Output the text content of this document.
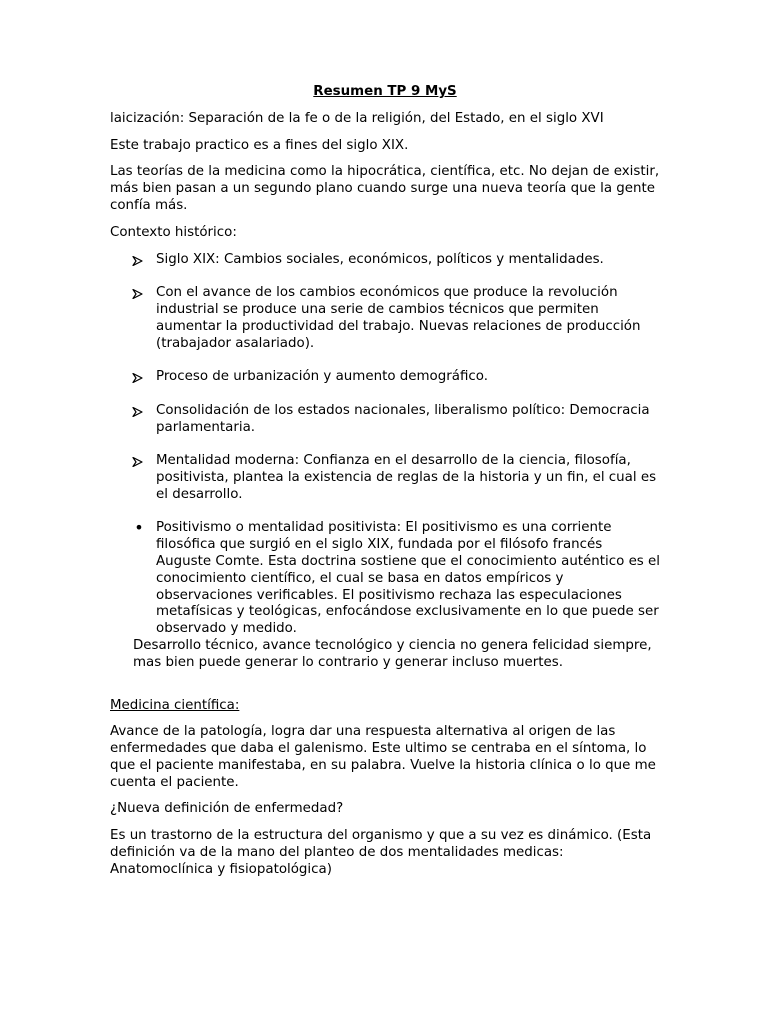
Resumen TP 9 MyS

laicización: Separación de la fe o de la religión, del Estado, en el siglo XVI

Este trabajo practico es a fines del siglo XIX.

Las teorías de la medicina como la hipocrática, científica, etc. No dejan de existir, más bien pasan a un segundo plano cuando surge una nueva teoría que la gente confía más.

Contexto histórico:

Siglo XIX: Cambios sociales, económicos, políticos y mentalidades.
Con el avance de los cambios económicos que produce la revolución industrial se produce una serie de cambios técnicos que permiten aumentar la productividad del trabajo. Nuevas relaciones de producción (trabajador asalariado).
Proceso de urbanización y aumento demográfico.
Consolidación de los estados nacionales, liberalismo político: Democracia parlamentaria.
Mentalidad moderna: Confianza en el desarrollo de la ciencia, filosofía, positivista, plantea la existencia de reglas de la historia y un fin, el cual es el desarrollo.
• Positivismo o mentalidad positivista: El positivismo es una corriente filosófica que surgió en el siglo XIX, fundada por el filósofo francés Auguste Comte. Esta doctrina sostiene que el conocimiento auténtico es el conocimiento científico, el cual se basa en datos empíricos y observaciones verificables. El positivismo rechaza las especulaciones metafísicas y teológicas, enfocándose exclusivamente en lo que puede ser observado y medido.

Desarrollo técnico, avance tecnológico y ciencia no genera felicidad siempre, mas bien puede generar lo contrario y generar incluso muertes.

Medicina científica:

Avance de la patología, logra dar una respuesta alternativa al origen de las enfermedades que daba el galenismo. Este ultimo se centraba en el síntoma, lo que el paciente manifestaba, en su palabra. Vuelve la historia clínica o lo que me cuenta el paciente.

¿Nueva definición de enfermedad?

Es un trastorno de la estructura del organismo y que a su vez es dinámico. (Esta definición va de la mano del planteo de dos mentalidades medicas: Anatomoclínica y fisiopatológica)
